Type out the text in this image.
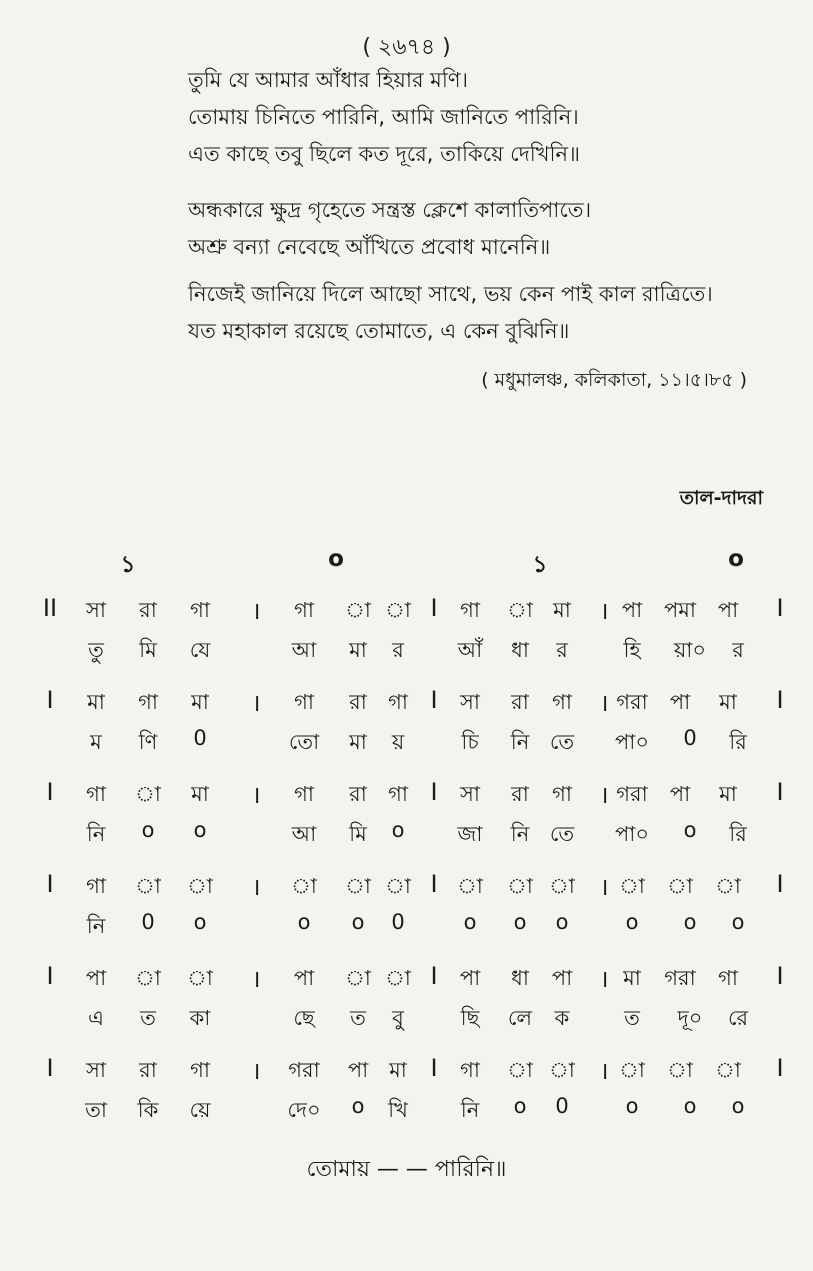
( ২৬৭৪ )
তুমি যে আমার আঁধার হিয়ার মণি।
তোমায় চিনিতে পারিনি, আমি জানিতে পারিনি।
এত কাছে তবু ছিলে কত দূরে, তাকিয়ে দেখিনি॥
অন্ধকারে ক্ষুদ্র গৃহেতে সন্ত্রস্ত ক্লেশে কালাতিপাতে।
অশ্রু বন্যা নেবেছে আঁখিতে প্রবোধ মানেনি॥
নিজেই জানিয়ে দিলে আছো সাথে, ভয় কেন পাই কাল রাত্রিতে।
যত মহাকাল রয়েছে তোমাতে, এ কেন বুঝিনি॥
( মধুমালঞ্চ, কলিকাতা, ১১।৫।৮৫ )
তাল-দাদরা
১	o	১	o
II সা রা গা । গা া া I গা া মা । পা পমা পা I
তু মি যে	আ মা র	আঁ ধা র	হি য়া০ র
I মা গা মা । গা রা গা I সা রা গা । গরা পা মা I
ম ণি 0	তো মা য়	চি নি তে পা০ 0 রি
I গা া মা । গা রা গা I সা রা গা । গরা পা মা I
নি o o	আ মি o	জা নি তে পা০ o রি
I গা া া । া া া I া া া । া া া I
নি 0 o	o o 0	o o o	o o o
I পা া া । পা া া I পা ধা পা । মা গরা গা I
এ ত কা	ছে ত বু	ছি লে ক	ত দূ০ রে
I সা রা গা । গরা পা মা I গা া া । া া া I
তা কি য়ে	দে০ o খি	নি o 0	o o o
তোমায় — — পারিনি॥
